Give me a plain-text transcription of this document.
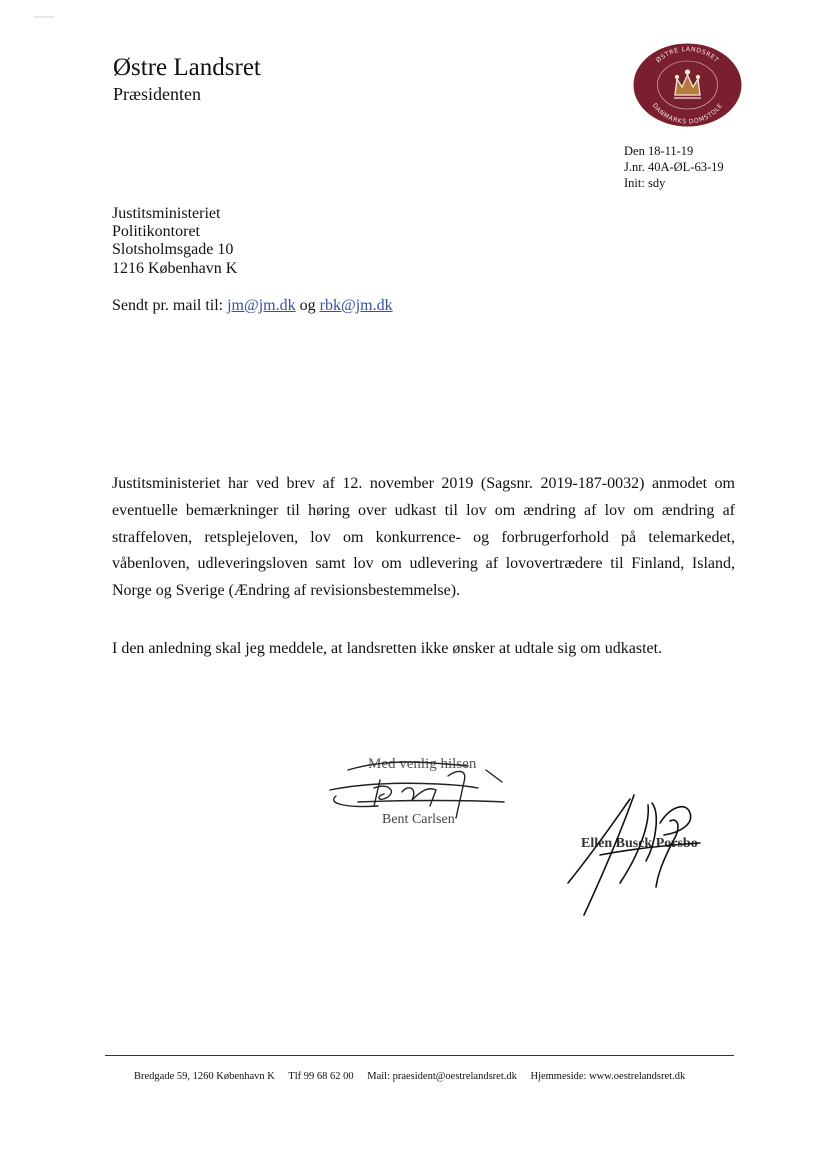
Østre Landsret
Præsidenten
ØSTRE LANDSRET
DANMARKS DOMSTOLE
Den 18-11-19
J.nr. 40A-ØL-63-19
Init: sdy
Justitsministeriet
Politikontoret
Slotsholmsgade 10
1216 København K
Sendt pr. mail til: jm@jm.dk og rbk@jm.dk
Justitsministeriet har ved brev af 12. november 2019 (Sagsnr. 2019-187-0032) anmodet om eventuelle bemærkninger til høring over udkast til lov om ændring af lov om ændring af straffeloven, retsplejeloven, lov om konkurrence- og forbrugerforhold på telemarkedet, våbenloven, udleveringsloven samt lov om udlevering af lovovertrædere til Finland, Island, Norge og Sverige (Ændring af revisionsbestemmelse).
I den anledning skal jeg meddele, at landsretten ikke ønsker at udtale sig om udkastet.
Med venlig hilsen
Bent Carlsen
Ellen Busck Porsbo
Bredgade 59, 1260 København K Tlf 99 68 62 00 Mail: praesident@oestrelandsret.dk Hjemmeside: www.oestrelandsret.dk
